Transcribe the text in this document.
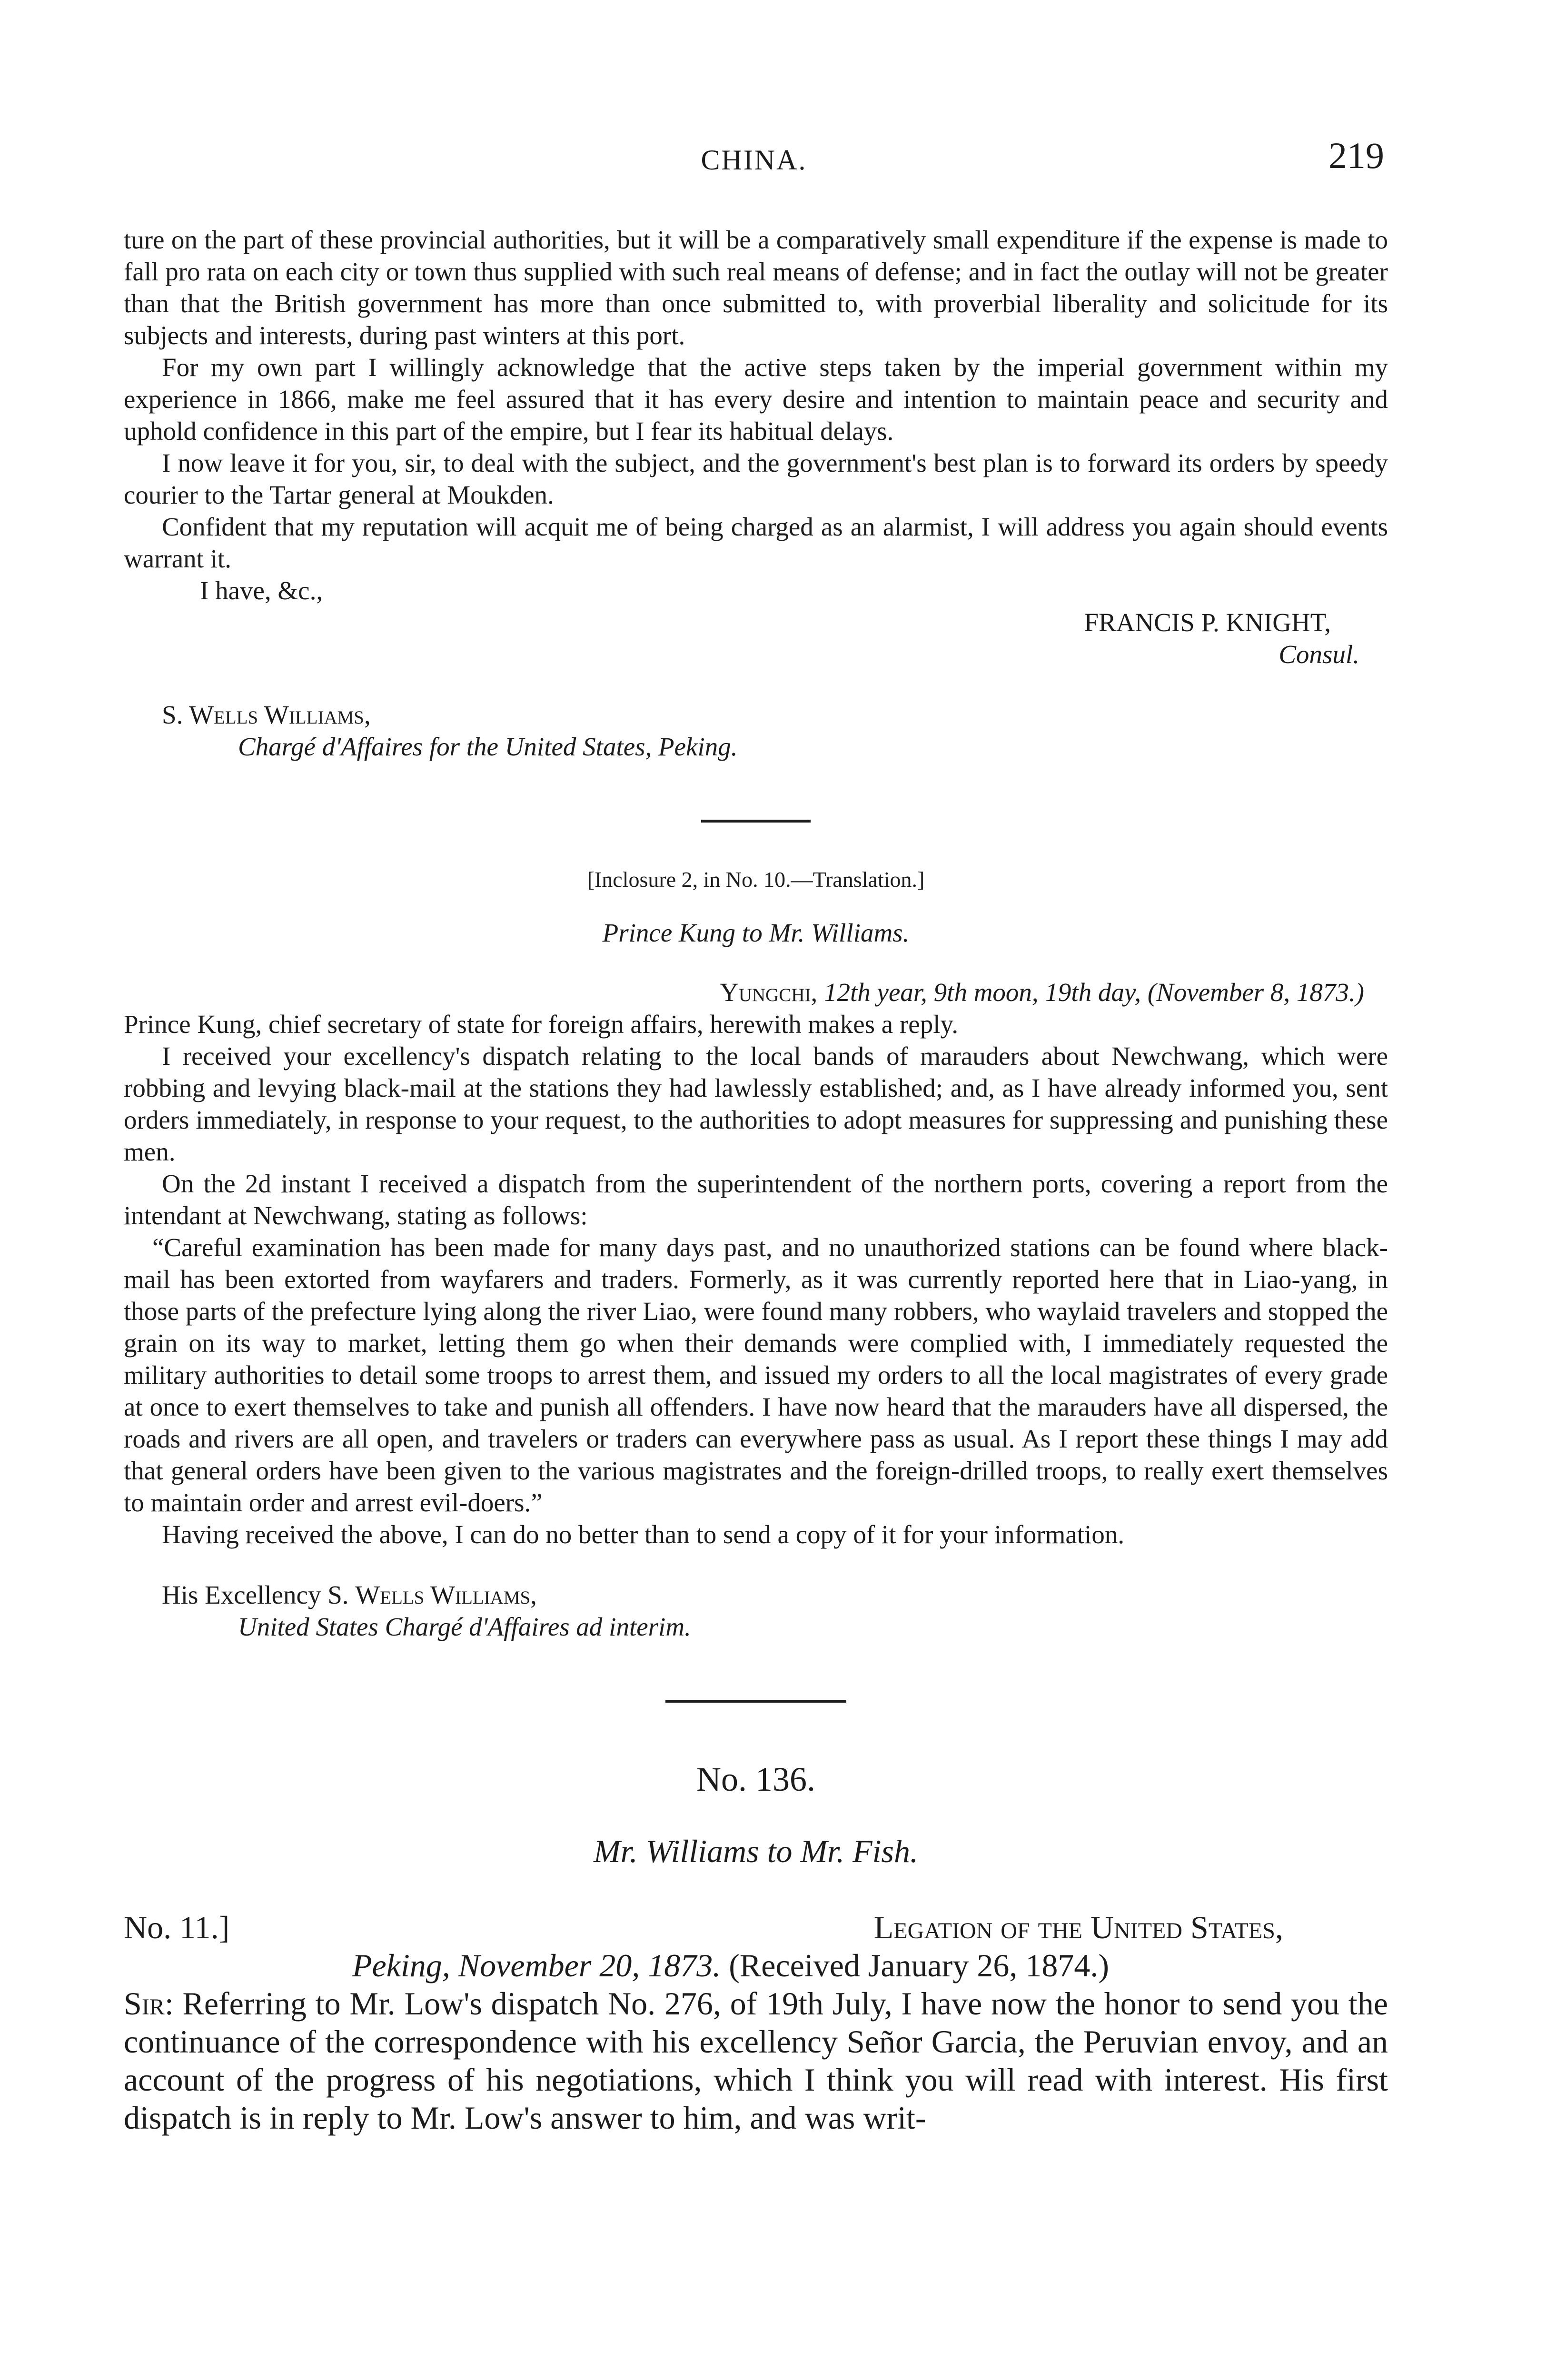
CHINA.	219

ture on the part of these provincial authorities, but it will be a comparatively small expenditure if the expense is made to fall pro rata on each city or town thus supplied with such real means of defense; and in fact the outlay will not be greater than that the British government has more than once submitted to, with proverbial liberality and solicitude for its subjects and interests, during past winters at this port.

For my own part I willingly acknowledge that the active steps taken by the imperial government within my experience in 1866, make me feel assured that it has every desire and intention to maintain peace and security and uphold confidence in this part of the empire, but I fear its habitual delays.

I now leave it for you, sir, to deal with the subject, and the government's best plan is to forward its orders by speedy courier to the Tartar general at Moukden.

Confident that my reputation will acquit me of being charged as an alarmist, I will address you again should events warrant it.

I have, &c.,

FRANCIS P. KNIGHT,

Consul.

S. Wells Williams,

Chargé d'Affaires for the United States, Peking.

[Inclosure 2, in No. 10.—Translation.]

Prince Kung to Mr. Williams.

Yungchi, 12th year, 9th moon, 19th day, (November 8, 1873.)

Prince Kung, chief secretary of state for foreign affairs, herewith makes a reply.

I received your excellency's dispatch relating to the local bands of marauders about Newchwang, which were robbing and levying black-mail at the stations they had lawlessly established; and, as I have already informed you, sent orders immediately, in response to your request, to the authorities to adopt measures for suppressing and punishing these men.

On the 2d instant I received a dispatch from the superintendent of the northern ports, covering a report from the intendant at Newchwang, stating as follows:

“Careful examination has been made for many days past, and no unauthorized stations can be found where black-mail has been extorted from wayfarers and traders. Formerly, as it was currently reported here that in Liao-yang, in those parts of the prefecture lying along the river Liao, were found many robbers, who waylaid travelers and stopped the grain on its way to market, letting them go when their demands were complied with, I immediately requested the military authorities to detail some troops to arrest them, and issued my orders to all the local magistrates of every grade at once to exert themselves to take and punish all offenders. I have now heard that the marauders have all dispersed, the roads and rivers are all open, and travelers or traders can everywhere pass as usual. As I report these things I may add that general orders have been given to the various magistrates and the foreign-drilled troops, to really exert themselves to maintain order and arrest evil-doers.”

Having received the above, I can do no better than to send a copy of it for your information.

His Excellency S. Wells Williams,

United States Chargé d'Affaires ad interim.

No. 136.

Mr. Williams to Mr. Fish.

No. 11.]	Legation of the United States,

Peking, November 20, 1873. (Received January 26, 1874.)

Sir: Referring to Mr. Low's dispatch No. 276, of 19th July, I have now the honor to send you the continuance of the correspondence with his excellency Señor Garcia, the Peruvian envoy, and an account of the progress of his negotiations, which I think you will read with interest. His first dispatch is in reply to Mr. Low's answer to him, and was writ-
